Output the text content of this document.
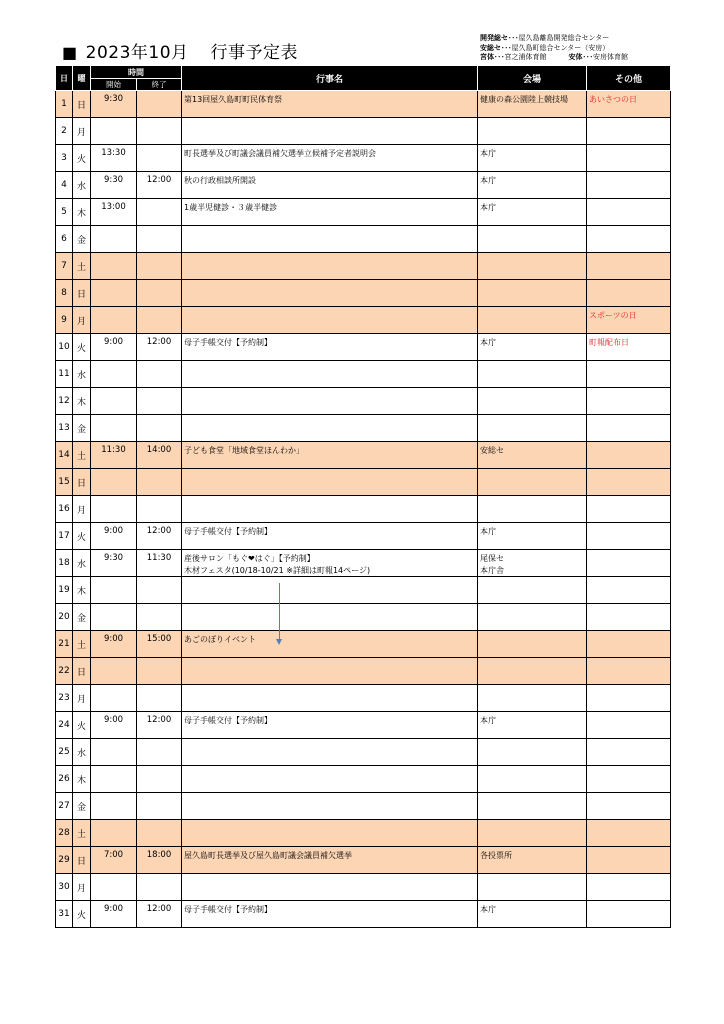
■ 2023年10月 行事予定表
開発総セ･･･屋久島離島開発総合センター
安総セ･･･屋久島町総合センター（安房）
宮体･･･宮之浦体育館	安体･･･安房体育館
日	曜	時間		行事名	会場	その他
		開始	終了			
1	日	9:30		第13回屋久島町町民体育祭	健康の森公園陸上競技場	あいさつの日
2	月					
3	火	13:30		町長選挙及び町議会議員補欠選挙立候補予定者説明会	本庁	
4	水	9:30	12:00	秋の行政相談所開設	本庁	
5	木	13:00		1歳半児健診・３歳半健診	本庁	
6	金					
7	土					
8	日					
9	月					スポーツの日
10	火	9:00	12:00	母子手帳交付【予約制】	本庁	町報配布日
11	水					
12	木					
13	金					
14	土	11:30	14:00	子ども食堂「地域食堂ほんわか」	安総セ	
15	日					
16	月					
17	火	9:00	12:00	母子手帳交付【予約制】	本庁	
18	水	9:30	11:30	産後サロン「もぐ❤はぐ」【予約制】
木材フェスタ(10/18-10/21 ※詳細は町報14ページ)	尾保セ
本庁舎	

19	木					
20	金					
21	土	9:00	15:00	あごのぼりイベント		
22	日					
23	月					
24	火	9:00	12:00	母子手帳交付【予約制】	本庁	
25	水					
26	木					
27	金					
28	土					
29	日	7:00	18:00	屋久島町長選挙及び屋久島町議会議員補欠選挙	各投票所	
30	月					
31	火	9:00	12:00	母子手帳交付【予約制】	本庁	
